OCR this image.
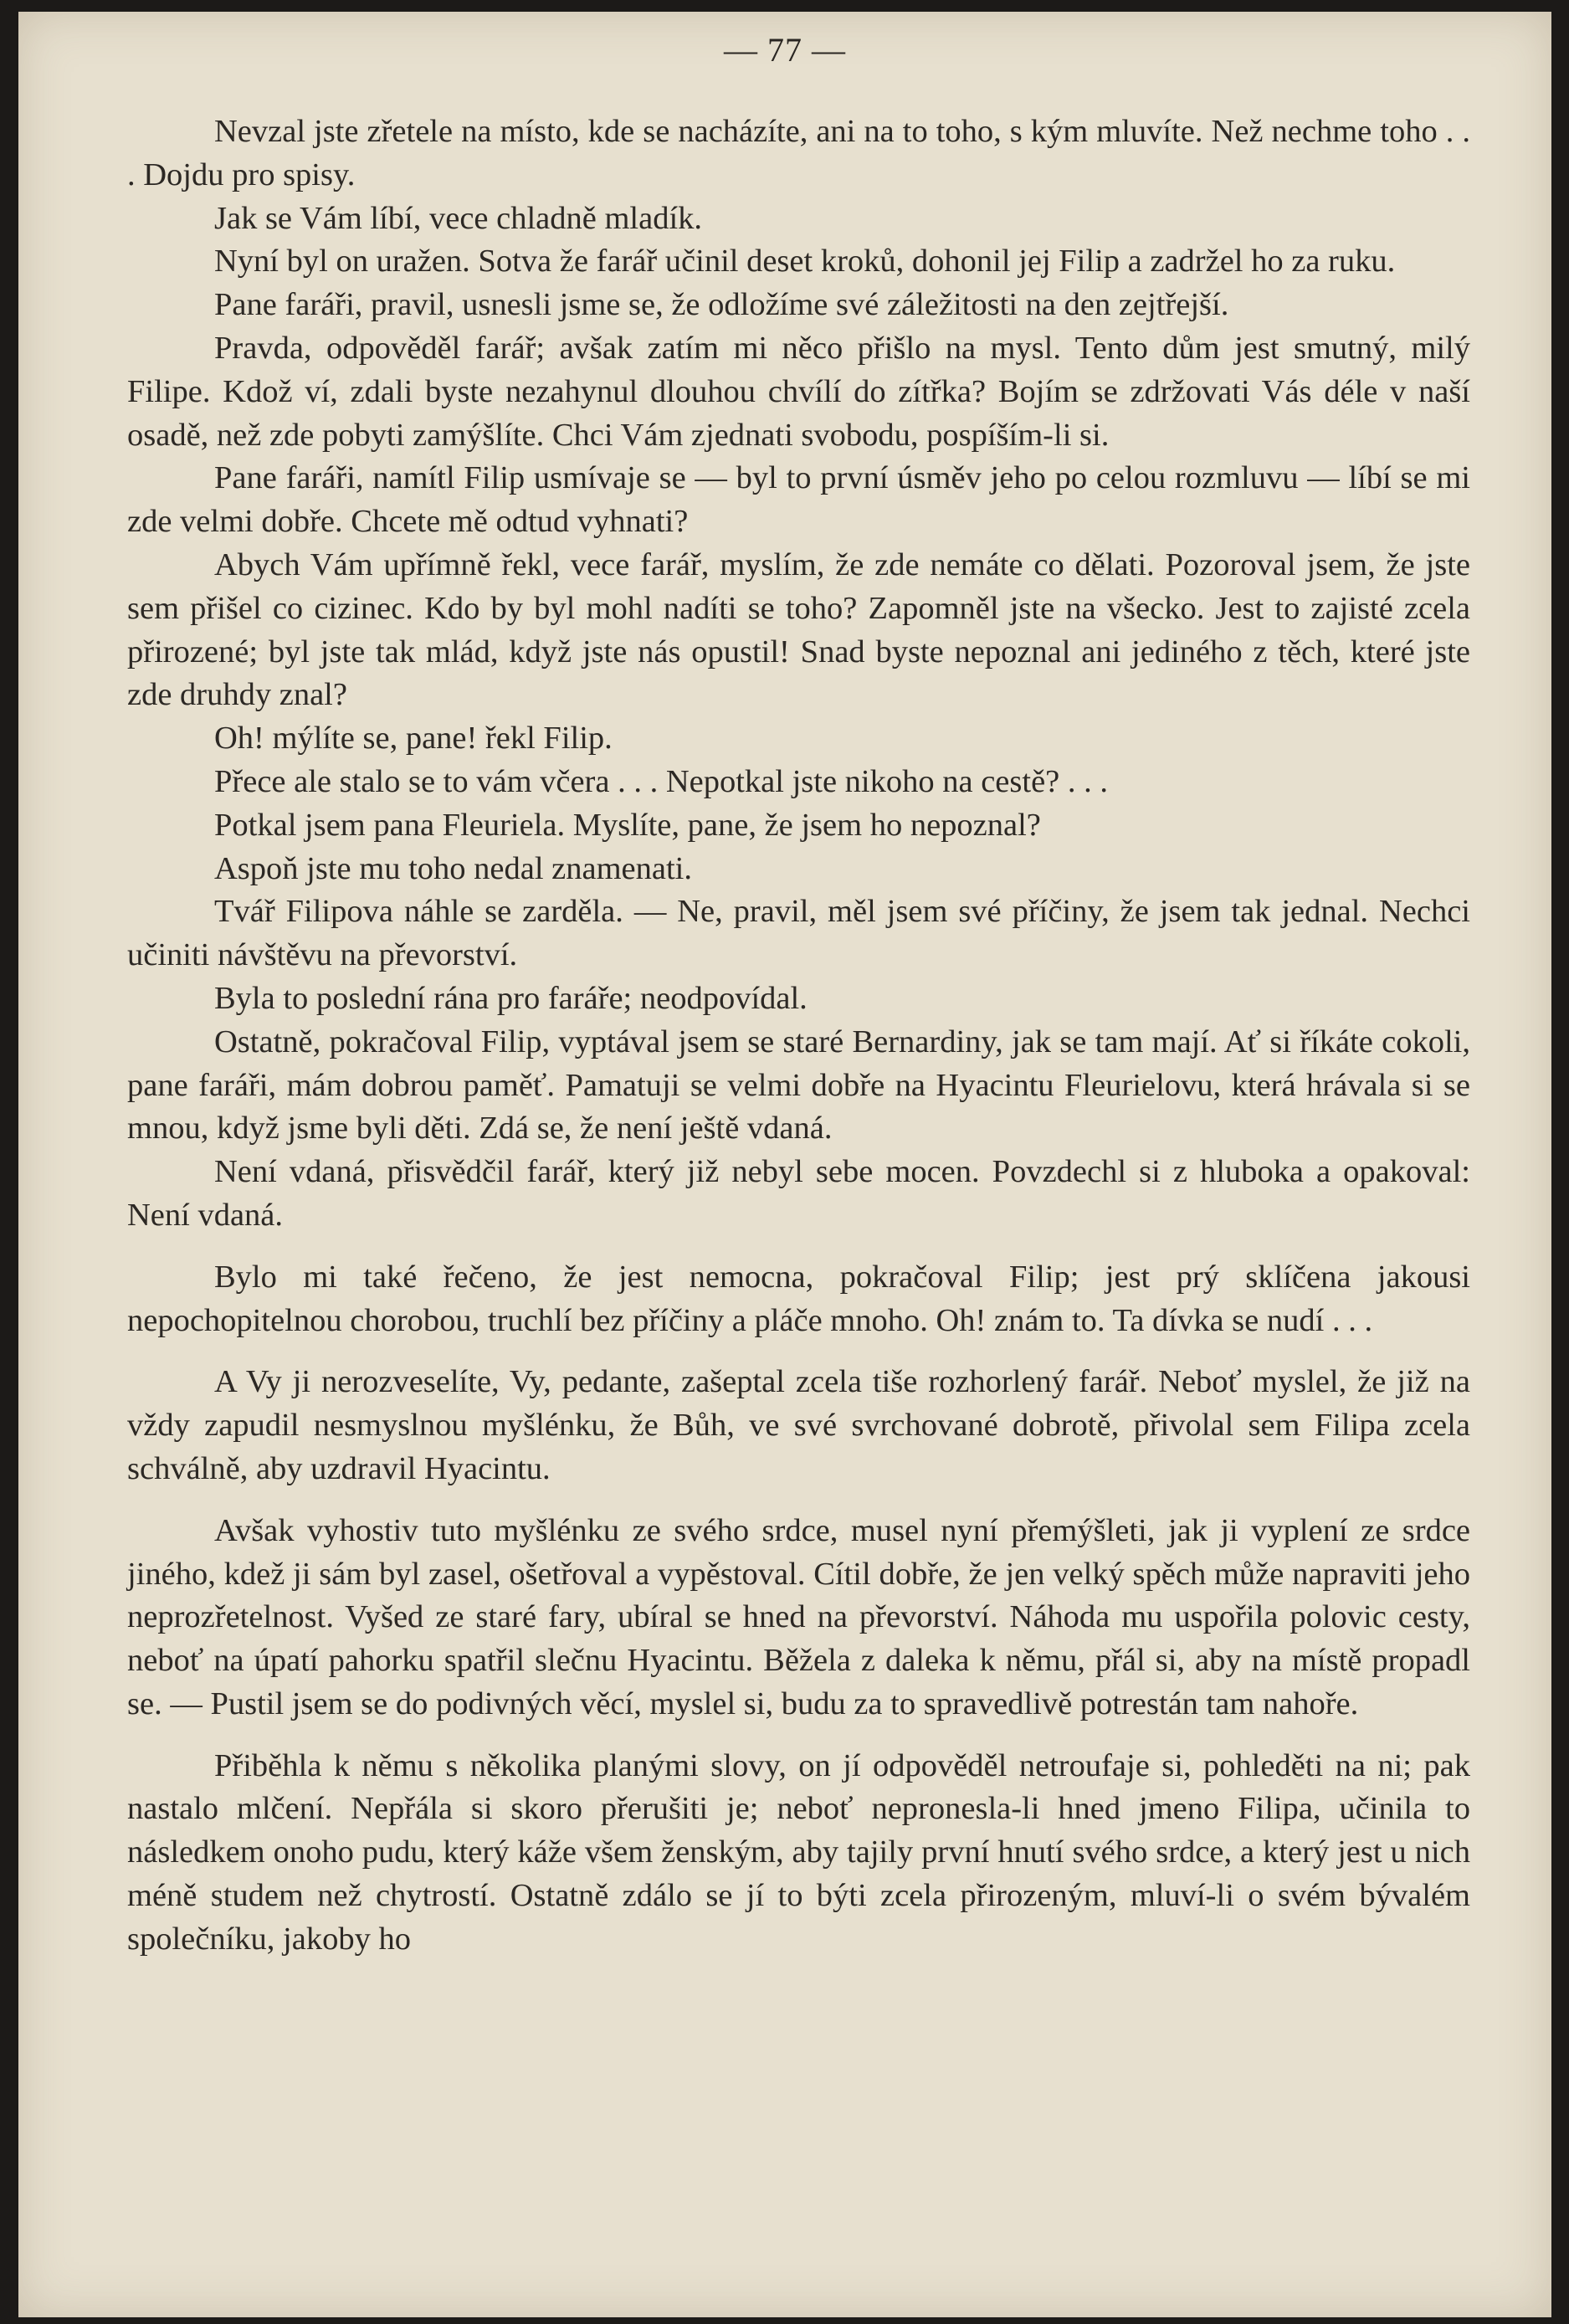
— 77 —

Nevzal jste zřetele na místo, kde se nacházíte, ani na to toho, s kým mluvíte. Než nechme toho . . . Dojdu pro spisy.

Jak se Vám líbí, vece chladně mladík.

Nyní byl on uražen. Sotva že farář učinil deset kroků, dohonil jej Filip a zadržel ho za ruku.

Pane faráři, pravil, usnesli jsme se, že odložíme své záležitosti na den zejtřejší.

Pravda, odpověděl farář; avšak zatím mi něco přišlo na mysl. Tento dům jest smutný, milý Filipe. Kdož ví, zdali byste nezahynul dlouhou chvílí do zítřka? Bojím se zdržovati Vás déle v naší osadě, než zde pobyti zamýšlíte. Chci Vám zjednati svobodu, pospíším-li si.

Pane faráři, namítl Filip usmívaje se — byl to první úsměv jeho po celou rozmluvu — líbí se mi zde velmi dobře. Chcete mě odtud vyhnati?

Abych Vám upřímně řekl, vece farář, myslím, že zde nemáte co dělati. Pozoroval jsem, že jste sem přišel co cizinec. Kdo by byl mohl nadíti se toho? Zapomněl jste na všecko. Jest to zajisté zcela přirozené; byl jste tak mlád, když jste nás opustil! Snad byste nepoznal ani jediného z těch, které jste zde druhdy znal?

Oh! mýlíte se, pane! řekl Filip.

Přece ale stalo se to vám včera . . . Nepotkal jste nikoho na cestě? . . .

Potkal jsem pana Fleuriela. Myslíte, pane, že jsem ho nepoznal?

Aspoň jste mu toho nedal znamenati.

Tvář Filipova náhle se zarděla. — Ne, pravil, měl jsem své příčiny, že jsem tak jednal. Nechci učiniti návštěvu na převorství.

Byla to poslední rána pro faráře; neodpovídal.

Ostatně, pokračoval Filip, vyptával jsem se staré Bernardiny, jak se tam mají. Ať si říkáte cokoli, pane faráři, mám dobrou paměť. Pamatuji se velmi dobře na Hyacintu Fleurielovu, která hrávala si se mnou, když jsme byli děti. Zdá se, že není ještě vdaná.

Není vdaná, přisvědčil farář, který již nebyl sebe mocen. Povzdechl si z hluboka a opakoval: Není vdaná.

Bylo mi také řečeno, že jest nemocna, pokračoval Filip; jest prý sklíčena jakousi nepochopitelnou chorobou, truchlí bez příčiny a pláče mnoho. Oh! znám to. Ta dívka se nudí . . .

A Vy ji nerozveselíte, Vy, pedante, zašeptal zcela tiše rozhorlený farář. Neboť myslel, že již na vždy zapudil nesmyslnou myšlénku, že Bůh, ve své svrchované dobrotě, přivolal sem Filipa zcela schválně, aby uzdravil Hyacintu.

Avšak vyhostiv tuto myšlénku ze svého srdce, musel nyní přemýšleti, jak ji vyplení ze srdce jiného, kdež ji sám byl zasel, ošetřoval a vypěstoval. Cítil dobře, že jen velký spěch může napraviti jeho neprozřetelnost. Vyšed ze staré fary, ubíral se hned na převorství. Náhoda mu uspořila polovic cesty, neboť na úpatí pahorku spatřil slečnu Hyacintu. Běžela z daleka k němu, přál si, aby na místě propadl se. — Pustil jsem se do podivných věcí, myslel si, budu za to spravedlivě potrestán tam nahoře.

Přiběhla k němu s několika planými slovy, on jí odpověděl netroufaje si, pohleděti na ni; pak nastalo mlčení. Nepřála si skoro přerušiti je; neboť nepronesla-li hned jmeno Filipa, učinila to následkem onoho pudu, který káže všem ženským, aby tajily první hnutí svého srdce, a který jest u nich méně studem než chytrostí. Ostatně zdálo se jí to býti zcela přirozeným, mluví-li o svém bývalém společníku, jakoby ho
